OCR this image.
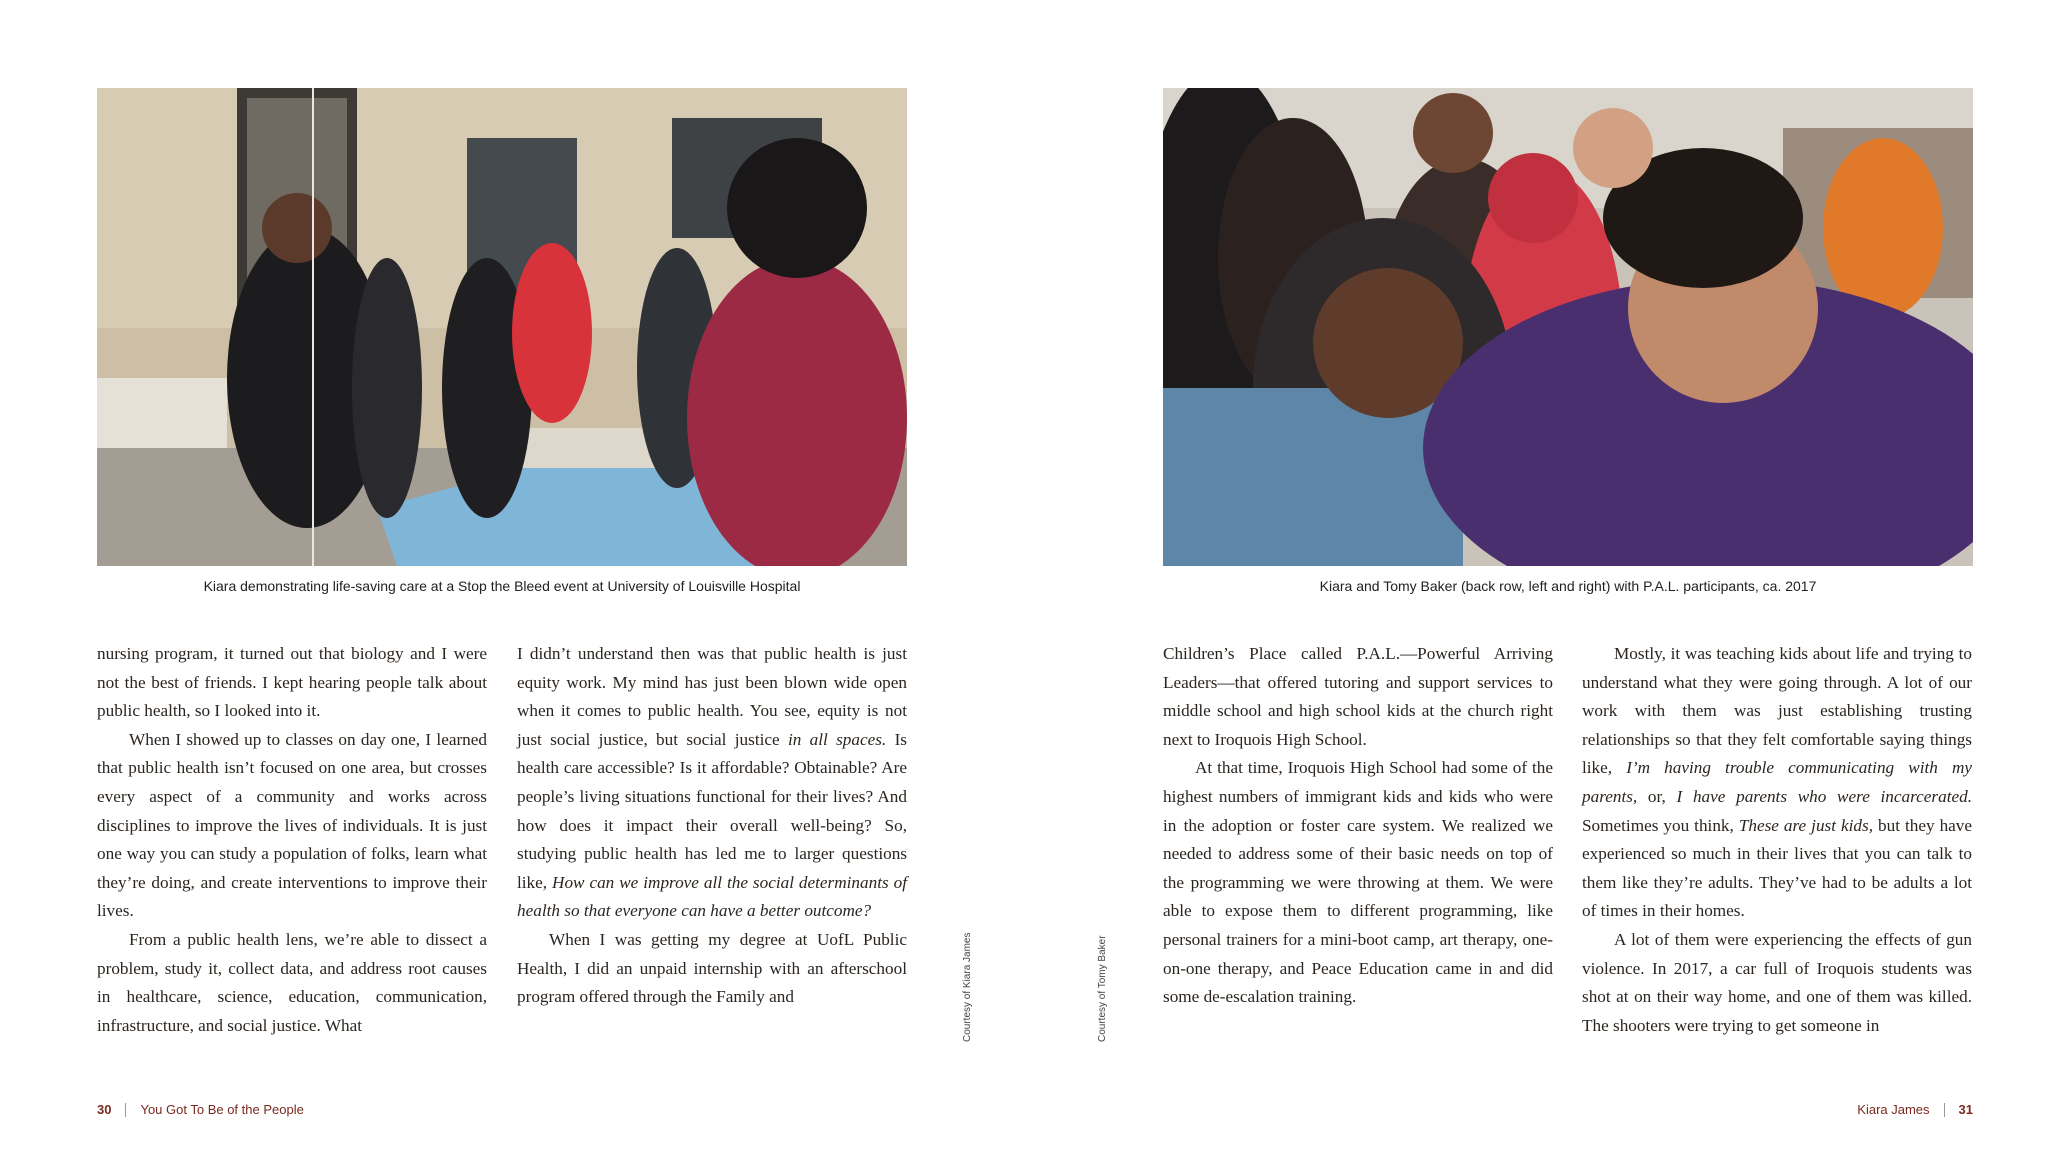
Kiara demonstrating life-saving care at a Stop the Bleed event at University of Louisville Hospital	Kiara and Tomy Baker (back row, left and right) with P.A.L. participants, ca. 2017
Courtesy of Kiara James	Courtesy of Tomy Baker

nursing program, it turned out that biology and I were not the best of friends. I kept hearing people talk about public health, so I looked into it.

When I showed up to classes on day one, I learned that public health isn’t focused on one area, but crosses every aspect of a community and works across disciplines to improve the lives of individuals. It is just one way you can study a population of folks, learn what they’re doing, and create interventions to improve their lives.

From a public health lens, we’re able to dissect a problem, study it, collect data, and address root causes in healthcare, science, education, communication, infrastructure, and social justice. What

I didn’t understand then was that public health is just equity work. My mind has just been blown wide open when it comes to public health. You see, equity is not just social justice, but social justice in all spaces. Is health care accessible? Is it affordable? Obtainable? Are people’s living situations functional for their lives? And how does it impact their overall well-being? So, studying public health has led me to larger questions like, How can we improve all the social determinants of health so that everyone can have a better outcome?

When I was getting my degree at UofL Public Health, I did an unpaid internship with an afterschool program offered through the Family and

Children’s Place called P.A.L.—Powerful Arriving Leaders—that offered tutoring and support services to middle school and high school kids at the church right next to Iroquois High School.

At that time, Iroquois High School had some of the highest numbers of immigrant kids and kids who were in the adoption or foster care system. We realized we needed to address some of their basic needs on top of the programming we were throwing at them. We were able to expose them to different programming, like personal trainers for a mini-boot camp, art therapy, one-on-one therapy, and Peace Education came in and did some de-escalation training.

Mostly, it was teaching kids about life and trying to understand what they were going through. A lot of our work with them was just establishing trusting relationships so that they felt comfortable saying things like, I’m having trouble communicating with my parents, or, I have parents who were incarcerated. Sometimes you think, These are just kids, but they have experienced so much in their lives that you can talk to them like they’re adults. They’ve had to be adults a lot of times in their homes.

A lot of them were experiencing the effects of gun violence. In 2017, a car full of Iroquois students was shot at on their way home, and one of them was killed. The shooters were trying to get someone in

30 You Got To Be of the People	Kiara James 31
